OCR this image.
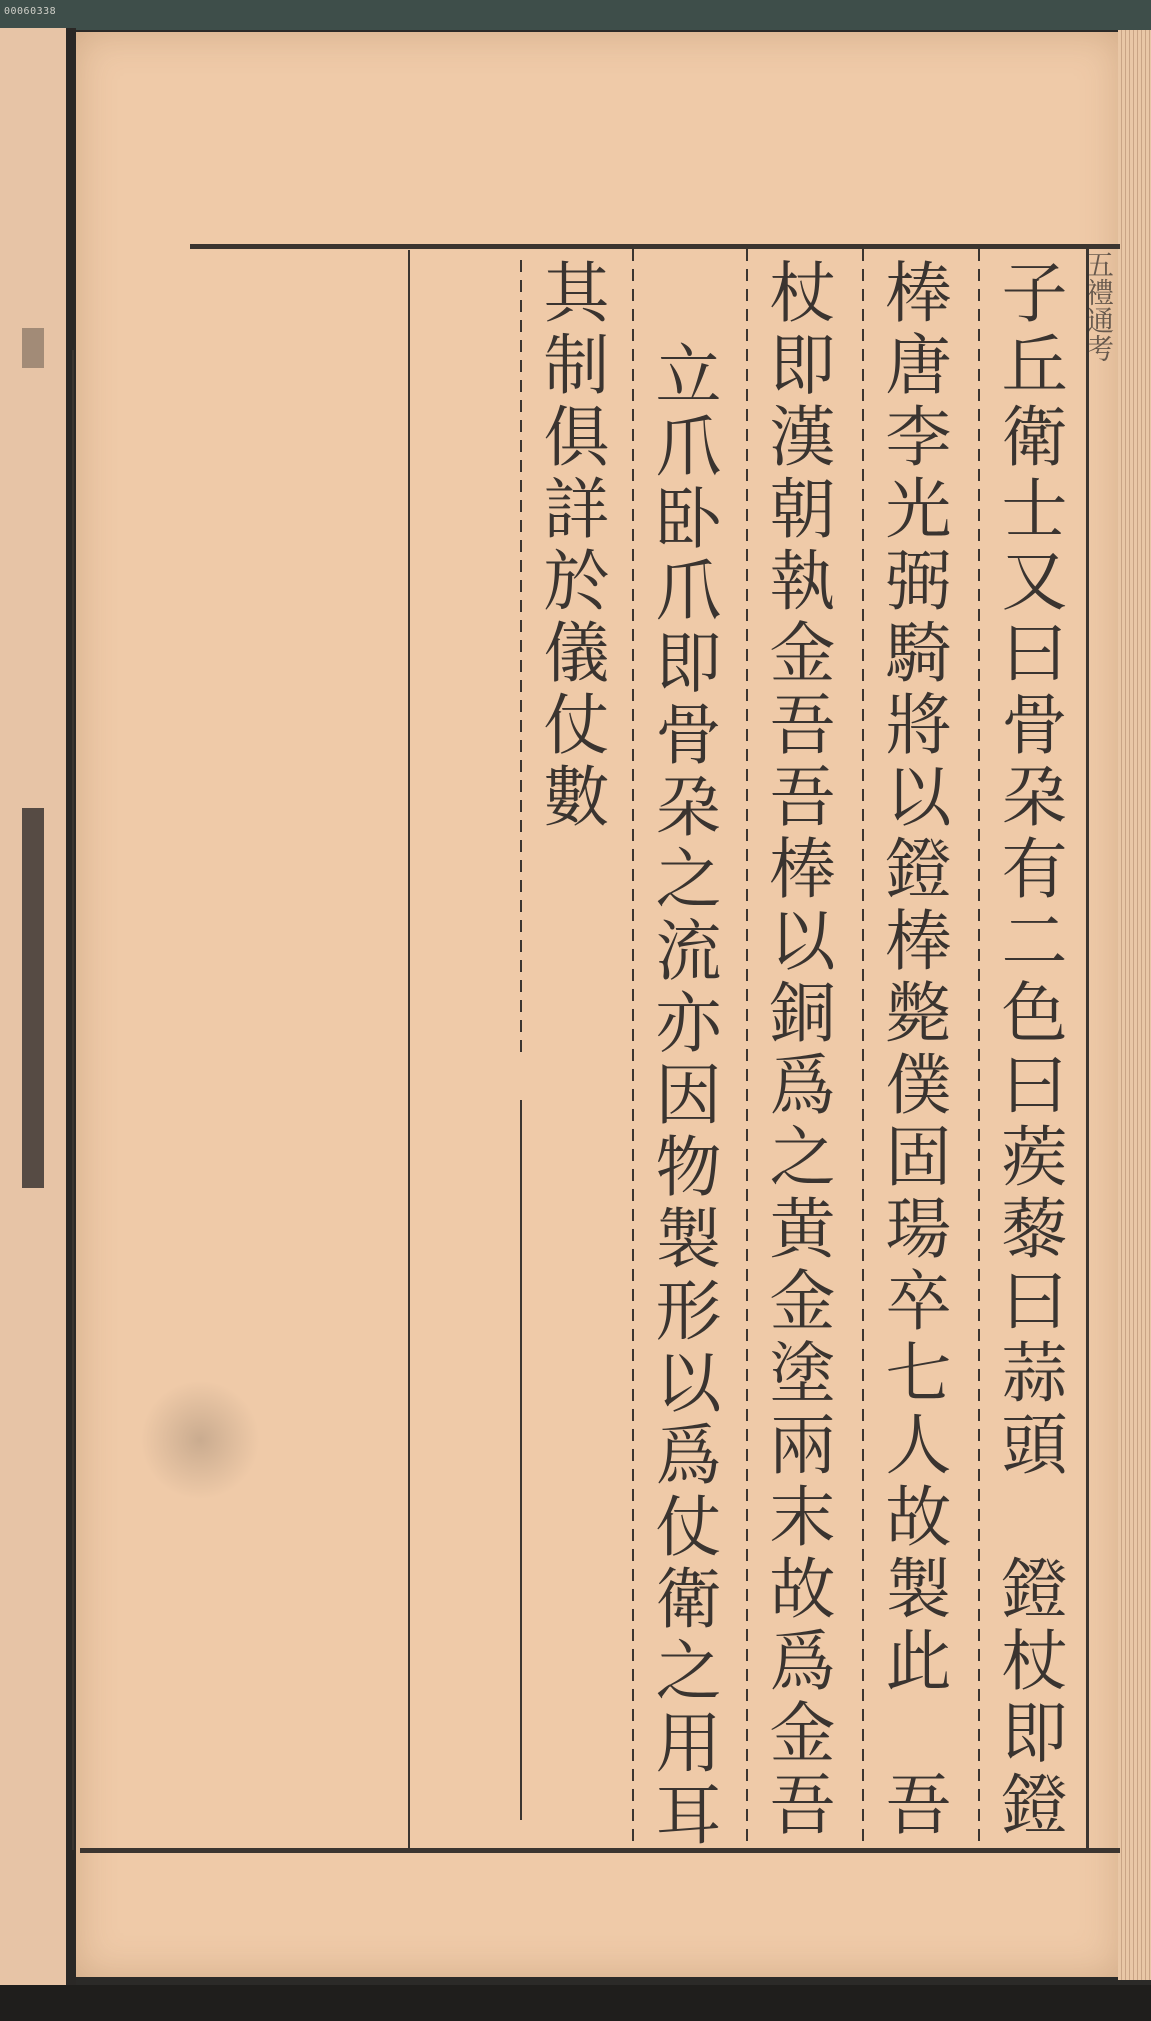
00060338
五禮通考
子丘衛士又曰骨朶有二色曰蒺藜曰蒜頭　鐙杖即鐙
棒唐李光弼騎將以鐙棒斃僕固瑒卒七人故製此　吾
杖即漢朝執金吾吾棒以銅爲之黄金塗兩末故爲金吾
立爪卧爪即骨朶之流亦因物製形以爲仗衛之用耳
其制俱詳於儀仗數
